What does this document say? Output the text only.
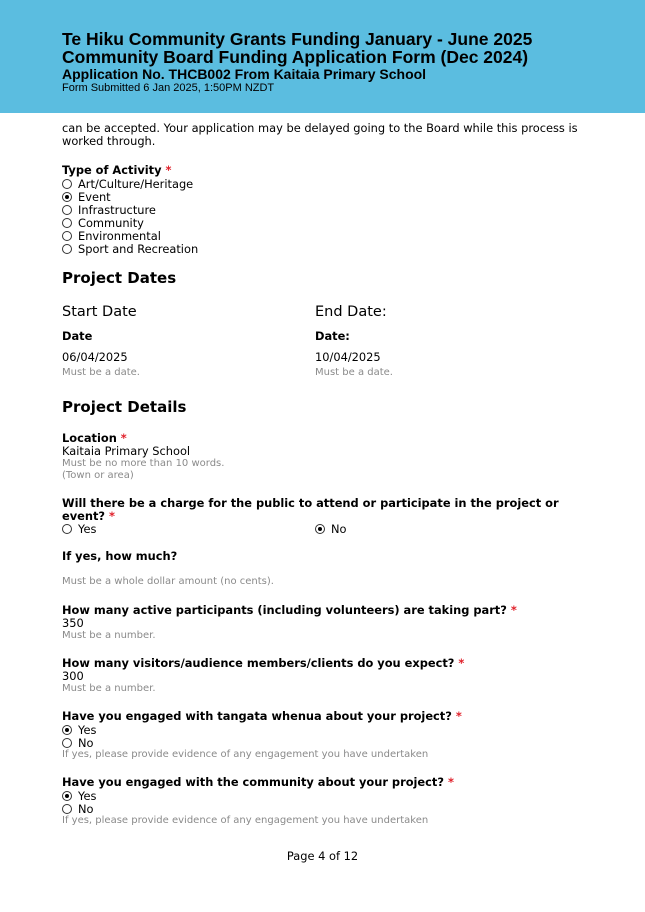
Te Hiku Community Grants Funding January - June 2025
Community Board Funding Application Form (Dec 2024)
Application No. THCB002 From Kaitaia Primary School
Form Submitted 6 Jan 2025, 1:50PM NZDT
can be accepted. Your application may be delayed going to the Board while this process is
worked through.
Type of Activity *
Art/Culture/Heritage
Event
Infrastructure
Community
Environmental
Sport and Recreation
Project Dates
Start Date	End Date:
Date	Date:
06/04/2025	10/04/2025
Must be a date.	Must be a date.
Project Details
Location *
Kaitaia Primary School
Must be no more than 10 words.
(Town or area)
Will there be a charge for the public to attend or participate in the project or
event? *
Yes	No
If yes, how much?
Must be a whole dollar amount (no cents).
How many active participants (including volunteers) are taking part? *
350
Must be a number.
How many visitors/audience members/clients do you expect? *
300
Must be a number.
Have you engaged with tangata whenua about your project? *
Yes
No
If yes, please provide evidence of any engagement you have undertaken
Have you engaged with the community about your project? *
Yes
No
If yes, please provide evidence of any engagement you have undertaken
Page 4 of 12
